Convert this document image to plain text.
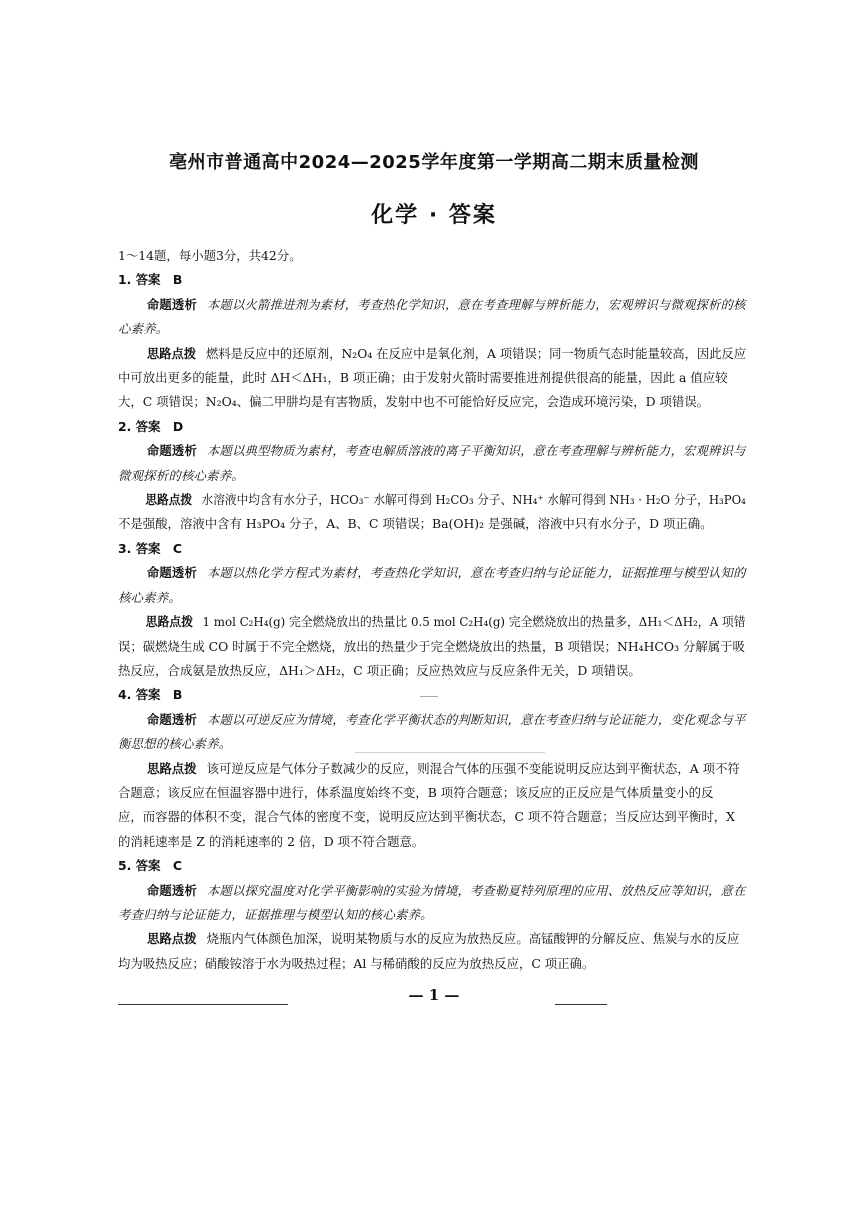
亳州市普通高中2024—2025学年度第一学期高二期末质量检测
化学 · 答案
1～14题，每小题3分，共42分。
1. 答案　B
命题透析 本题以火箭推进剂为素材，考查热化学知识，意在考查理解与辨析能力，宏观辨识与微观探析的核
心素养。
思路点拨 燃料是反应中的还原剂，N₂O₄ 在反应中是氧化剂，A 项错误；同一物质气态时能量较高，因此反应
中可放出更多的能量，此时 ΔH＜ΔH₁，B 项正确；由于发射火箭时需要推进剂提供很高的能量，因此 a 值应较
大，C 项错误；N₂O₄、偏二甲肼均是有害物质，发射中也不可能恰好反应完，会造成环境污染，D 项错误。
2. 答案　D
命题透析 本题以典型物质为素材，考查电解质溶液的离子平衡知识，意在考查理解与辨析能力，宏观辨识与
微观探析的核心素养。
思路点拨 水溶液中均含有水分子，HCO₃⁻ 水解可得到 H₂CO₃ 分子、NH₄⁺ 水解可得到 NH₃ · H₂O 分子，H₃PO₄
不是强酸，溶液中含有 H₃PO₄ 分子，A、B、C 项错误；Ba(OH)₂ 是强碱，溶液中只有水分子，D 项正确。
3. 答案　C
命题透析 本题以热化学方程式为素材，考查热化学知识，意在考查归纳与论证能力，证据推理与模型认知的
核心素养。
思路点拨 1 mol C₂H₄(g) 完全燃烧放出的热量比 0.5 mol C₂H₄(g) 完全燃烧放出的热量多，ΔH₁＜ΔH₂，A 项错
误；碳燃烧生成 CO 时属于不完全燃烧，放出的热量少于完全燃烧放出的热量，B 项错误；NH₄HCO₃ 分解属于吸
热反应，合成氨是放热反应，ΔH₁＞ΔH₂，C 项正确；反应热效应与反应条件无关，D 项错误。
4. 答案　B
命题透析 本题以可逆反应为情境，考查化学平衡状态的判断知识，意在考查归纳与论证能力，变化观念与平
衡思想的核心素养。
思路点拨 该可逆反应是气体分子数减少的反应，则混合气体的压强不变能说明反应达到平衡状态，A 项不符
合题意；该反应在恒温容器中进行，体系温度始终不变，B 项符合题意；该反应的正反应是气体质量变小的反
应，而容器的体积不变，混合气体的密度不变，说明反应达到平衡状态，C 项不符合题意；当反应达到平衡时，X
的消耗速率是 Z 的消耗速率的 2 倍，D 项不符合题意。
5. 答案　C
命题透析 本题以探究温度对化学平衡影响的实验为情境，考查勒夏特列原理的应用、放热反应等知识，意在
考查归纳与论证能力，证据推理与模型认知的核心素养。
思路点拨 烧瓶内气体颜色加深，说明某物质与水的反应为放热反应。高锰酸钾的分解反应、焦炭与水的反应
均为吸热反应；硝酸铵溶于水为吸热过程；Al 与稀硝酸的反应为放热反应，C 项正确。
— 1 —
